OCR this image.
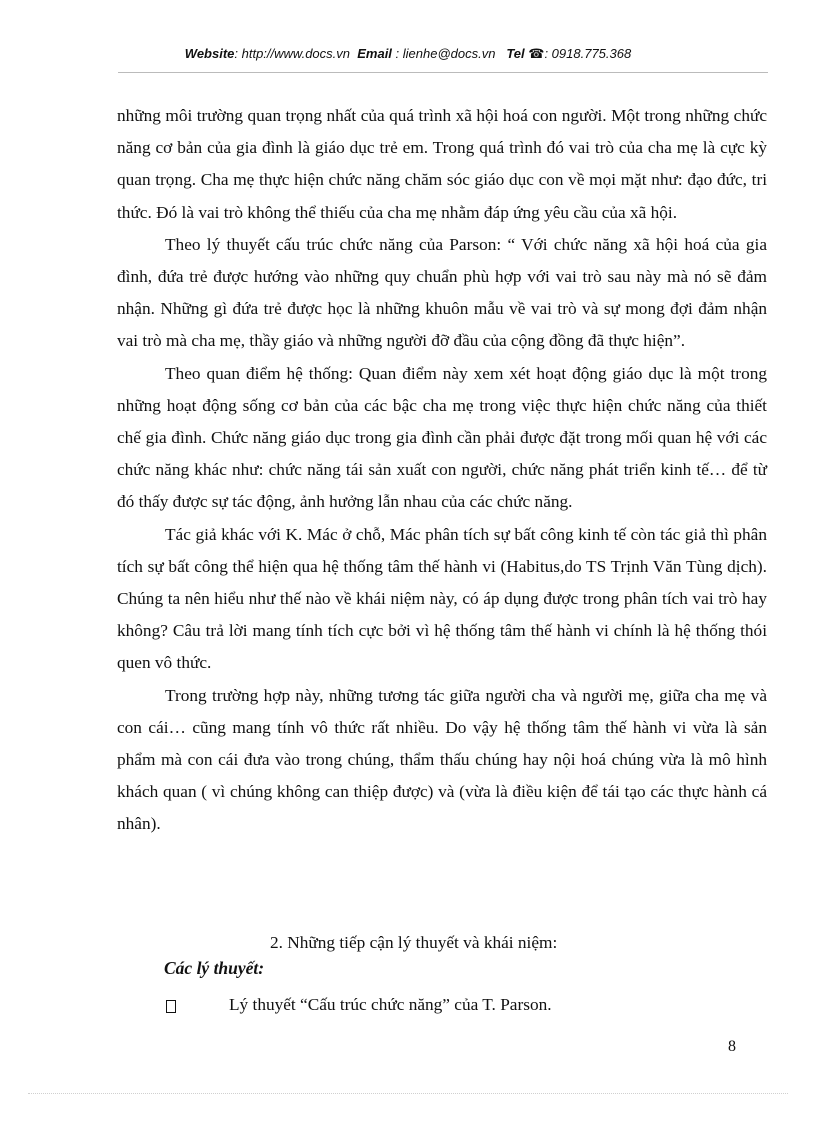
Website: http://www.docs.vn Email : lienhe@docs.vn Tel ☎: 0918.775.368

những môi trường quan trọng nhất của quá trình xã hội hoá con người. Một trong những chức năng cơ bản của gia đình là giáo dục trẻ em. Trong quá trình đó vai trò của cha mẹ là cực kỳ quan trọng. Cha mẹ thực hiện chức năng chăm sóc giáo dục con về mọi mặt như: đạo đức, tri thức. Đó là vai trò không thể thiếu của cha mẹ nhằm đáp ứng yêu cầu của xã hội.

Theo lý thuyết cấu trúc chức năng của Parson: “ Với chức năng xã hội hoá của gia đình, đứa trẻ được hướng vào những quy chuẩn phù hợp với vai trò sau này mà nó sẽ đảm nhận. Những gì đứa trẻ được học là những khuôn mẫu về vai trò và sự mong đợi đảm nhận vai trò mà cha mẹ, thầy giáo và những người đỡ đầu của cộng đồng đã thực hiện”.

Theo quan điểm hệ thống: Quan điểm này xem xét hoạt động giáo dục là một trong những hoạt động sống cơ bản của các bậc cha mẹ trong việc thực hiện chức năng của thiết chế gia đình. Chức năng giáo dục trong gia đình cần phải được đặt trong mối quan hệ với các chức năng khác như: chức năng tái sản xuất con người, chức năng phát triển kinh tế… để từ đó thấy được sự tác động, ảnh hưởng lẫn nhau của các chức năng.

Tác giả khác với K. Mác ở chỗ, Mác phân tích sự bất công kinh tế còn tác giả thì phân tích sự bất công thể hiện qua hệ thống tâm thế hành vi (Habitus,do TS Trịnh Văn Tùng dịch). Chúng ta nên hiểu như thế nào về khái niệm này, có áp dụng được trong phân tích vai trò hay không? Câu trả lời mang tính tích cực bởi vì hệ thống tâm thế hành vi chính là hệ thống thói quen vô thức.

Trong trường hợp này, những tương tác giữa người cha và người mẹ, giữa cha mẹ và con cái… cũng mang tính vô thức rất nhiều. Do vậy hệ thống tâm thế hành vi vừa là sản phẩm mà con cái đưa vào trong chúng, thẩm thấu chúng hay nội hoá chúng vừa là mô hình khách quan ( vì chúng không can thiệp được) và (vừa là điều kiện để tái tạo các thực hành cá nhân).

2. Những tiếp cận lý thuyết và khái niệm:
Các lý thuyết:
Lý thuyết “Cấu trúc chức năng” của T. Parson.
8
